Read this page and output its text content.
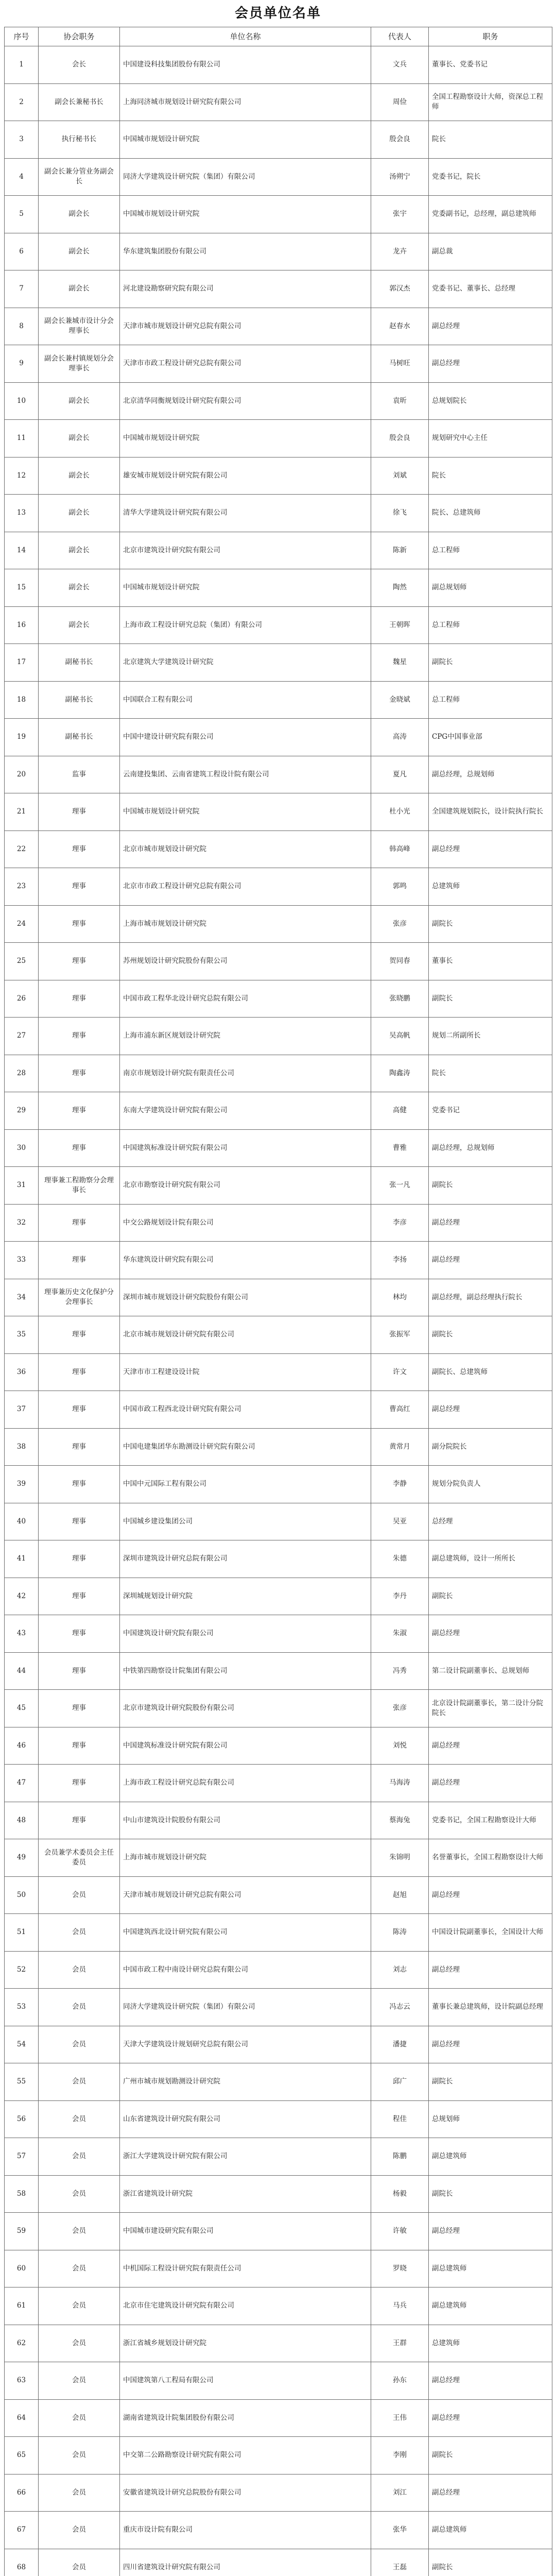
会员单位名单
序号	协会职务	单位名称	代表人	职务
1	会长	中国建设科技集团股份有限公司	文兵	董事长、党委书记
2	副会长兼秘书长	上海同济城市规划设计研究院有限公司	周俭	全国工程勘察设计大师，资深总工程师
3	执行秘书长	中国城市规划设计研究院	殷会良	院长
4	副会长兼分管业务副会长	同济大学建筑设计研究院（集团）有限公司	汤朔宁	党委书记，院长
5	副会长	中国城市规划设计研究院	张宇	党委副书记，总经理，副总建筑师
6	副会长	华东建筑集团股份有限公司	龙卉	副总裁
7	副会长	河北建设勘察研究院有限公司	郭汉杰	党委书记、董事长、总经理
8	副会长兼城市设计分会理事长	天津市城市规划设计研究总院有限公司	赵春水	副总经理
9	副会长兼村镇规划分会理事长	天津市市政工程设计研究总院有限公司	马树旺	副总经理
10	副会长	北京清华同衡规划设计研究院有限公司	袁昕	总规划院长
11	副会长	中国城市规划设计研究院	殷会良	规划研究中心主任
12	副会长	雄安城市规划设计研究院有限公司	刘斌	院长
13	副会长	清华大学建筑设计研究院有限公司	徐飞	院长、总建筑师
14	副会长	北京市建筑设计研究院有限公司	陈新	总工程师
15	副会长	中国城市规划设计研究院	陶然	副总规划师
16	副会长	上海市政工程设计研究总院（集团）有限公司	王朝晖	总工程师
17	副秘书长	北京建筑大学建筑设计研究院	魏星	副院长
18	副秘书长	中国联合工程有限公司	金晓斌	总工程师
19	副秘书长	中国中建设计研究院有限公司	高涛	CPG中国事业部
20	监事	云南建投集团、云南省建筑工程设计院有限公司	夏凡	副总经理，总规划师
21	理事	中国城市规划设计研究院	杜小光	全国建筑规划院长，设计院执行院长
22	理事	北京市城市规划设计研究院	韩高峰	副总经理
23	理事	北京市市政工程设计研究总院有限公司	郭鸣	总建筑师
24	理事	上海市城市规划设计研究院	张彦	副院长
25	理事	苏州规划设计研究院股份有限公司	贺同春	董事长
26	理事	中国市政工程华北设计研究总院有限公司	张晓鹏	副院长
27	理事	上海市浦东新区规划设计研究院	吴高帆	规划二所副所长
28	理事	南京市规划设计研究院有限责任公司	陶鑫涛	院长
29	理事	东南大学建筑设计研究院有限公司	高健	党委书记
30	理事	中国建筑标准设计研究院有限公司	曹雅	副总经理，总规划师
31	理事兼工程勘察分会理事长	北京市勘察设计研究院有限公司	张一凡	副院长
32	理事	中交公路规划设计院有限公司	李彦	副总经理
33	理事	华东建筑设计研究院有限公司	李扬	副总经理
34	理事兼历史文化保护分会理事长	深圳市城市规划设计研究院股份有限公司	林均	副总经理，副总经理执行院长
35	理事	北京市城市规划设计研究院有限公司	张振军	副院长
36	理事	天津市市工程建设设计院	许文	副院长、总建筑师
37	理事	中国市政工程西北设计研究院有限公司	曹高红	副总经理
38	理事	中国电建集团华东勘测设计研究院有限公司	黄常月	副分院院长
39	理事	中国中元国际工程有限公司	李静	规划分院负责人
40	理事	中国城乡建设集团公司	吴亚	总经理
41	理事	深圳市建筑设计研究总院有限公司	朱德	副总建筑师，设计一所所长
42	理事	深圳城规划设计研究院	李丹	副院长
43	理事	中国建筑设计研究院有限公司	朱淑	副总经理
44	理事	中铁第四勘察设计院集团有限公司	冯秀	第二设计院副董事长、总规划师
45	理事	北京市建筑设计研究院股份有限公司	张彦	北京设计院副董事长，第二设计分院院长
46	理事	中国建筑标准设计研究院有限公司	刘悦	副总经理
47	理事	上海市政工程设计研究总院有限公司	马海涛	副总经理
48	理事	中山市建筑设计院股份有限公司	蔡海兔	党委书记，全国工程勘察设计大师
49	会员兼学术委员会主任委员	上海市城市规划设计研究院	朱锦明	名誉董事长，全国工程勘察设计大师
50	会员	天津市城市规划设计研究总院有限公司	赵旭	副总经理
51	会员	中国建筑西北设计研究院有限公司	陈涛	中国设计院副董事长，全国设计大师
52	会员	中国市政工程中南设计研究总院有限公司	刘志	副总经理
53	会员	同济大学建筑设计研究院（集团）有限公司	冯志云	董事长兼总建筑师，设计院副总经理
54	会员	天津大学建筑设计规划研究总院有限公司	潘捷	副总经理
55	会员	广州市城市规划勘测设计研究院	邱广	副院长
56	会员	山东省建筑设计研究院有限公司	程佳	总规划师
57	会员	浙江大学建筑设计研究院有限公司	陈鹏	副总建筑师
58	会员	浙江省建筑设计研究院	杨毅	副院长
59	会员	中国城市建设研究院有限公司	许敏	副总经理
60	会员	中机国际工程设计研究院有限责任公司	罗晓	副总建筑师
61	会员	北京市住宅建筑设计研究院有限公司	马兵	副总建筑师
62	会员	浙江省城乡规划设计研究院	王群	总建筑师
63	会员	中国建筑第八工程局有限公司	孙东	副总经理
64	会员	湖南省建筑设计院集团股份有限公司	王伟	副总经理
65	会员	中交第二公路勘察设计研究院有限公司	李刚	副院长
66	会员	安徽省建筑设计研究总院股份有限公司	刘江	副总经理
67	会员	重庆市设计院有限公司	张华	副总建筑师
68	会员	四川省建筑设计研究院有限公司	王磊	副院长
